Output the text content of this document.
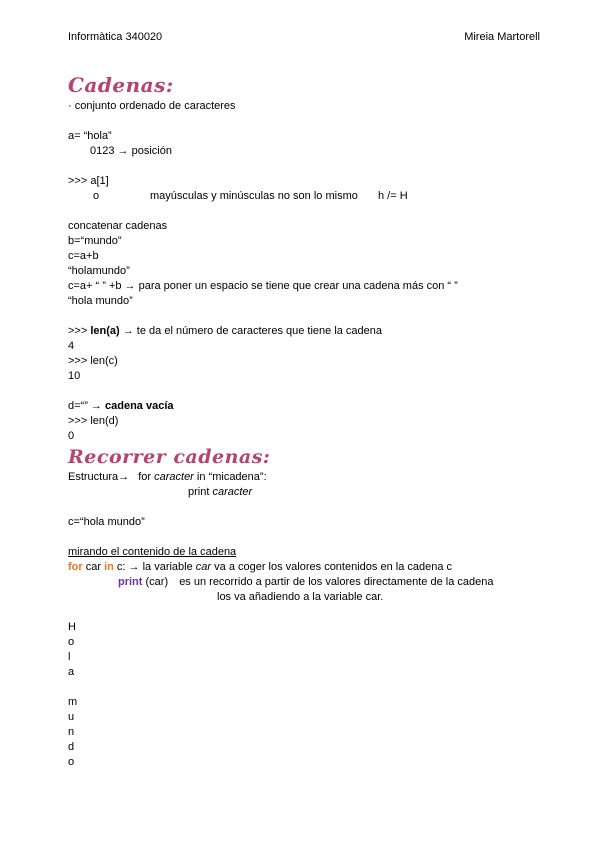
Informàtica 340020	Mireia Martorell
Cadenas:
· conjunto ordenado de caracteres
a= “hola”
0123 → posición
>>> a[1]
o	mayúsculas y minúsculas no son lo mismo h /= H
concatenar cadenas
b=“mundo”
c=a+b
“holamundo”
c=a+ “ ” +b → para poner un espacio se tiene que crear una cadena más con “ ”
“hola mundo”
>>> len(a) → te da el número de caracteres que tiene la cadena
4
>>> len(c)
10
d=“” → cadena vacía
>>> len(d)
0
Recorrer cadenas:
Estructura→ for caracter in “micadena”:
print caracter
c=“hola mundo”
mirando el contenido de la cadena
for car in c: → la variable car va a coger los valores contenidos en la cadena c
print (car) es un recorrido a partir de los valores directamente de la cadena
los va añadiendo a la variable car.
H
o
l
a
m
u
n
d
o
